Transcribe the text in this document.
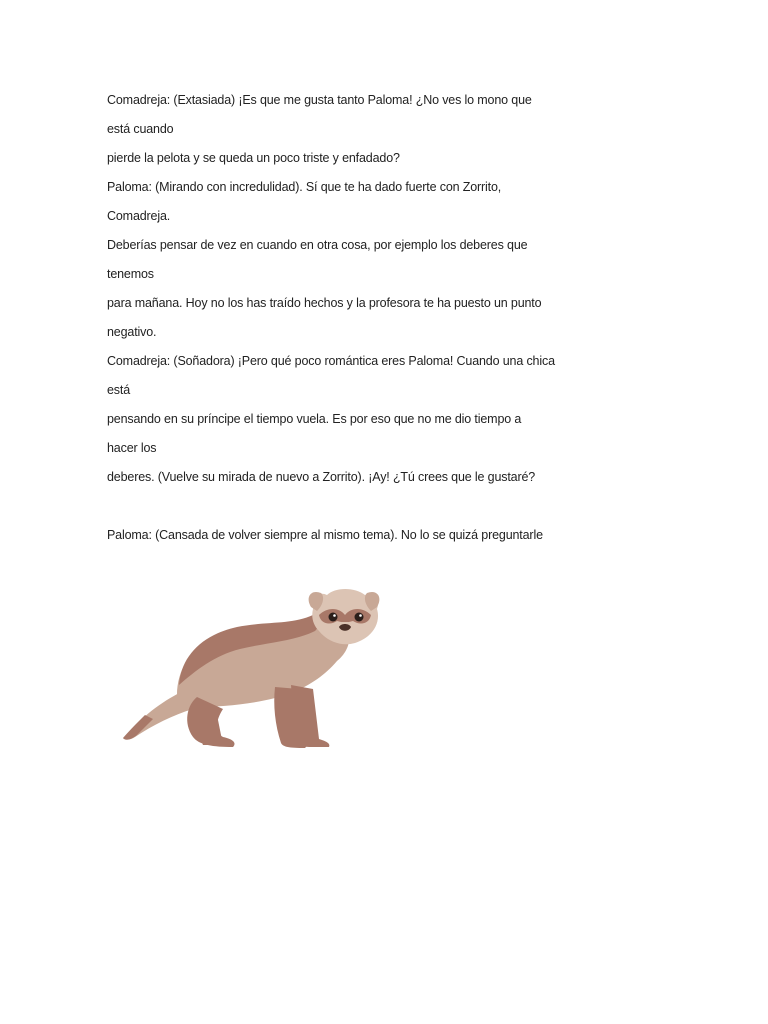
Comadreja: (Extasiada) ¡Es que me gusta tanto Paloma! ¿No ves lo mono que
está cuando
pierde la pelota y se queda un poco triste y enfadado?
Paloma: (Mirando con incredulidad). Sí que te ha dado fuerte con Zorrito,
Comadreja.
Deberías pensar de vez en cuando en otra cosa, por ejemplo los deberes que
tenemos
para mañana. Hoy no los has traído hechos y la profesora te ha puesto un punto
negativo.
Comadreja: (Soñadora) ¡Pero qué poco romántica eres Paloma! Cuando una chica
está
pensando en su príncipe el tiempo vuela. Es por eso que no me dio tiempo a
hacer los
deberes. (Vuelve su mirada de nuevo a Zorrito). ¡Ay! ¿Tú crees que le gustaré?
Paloma: (Cansada de volver siempre al mismo tema). No lo se quizá preguntarle
